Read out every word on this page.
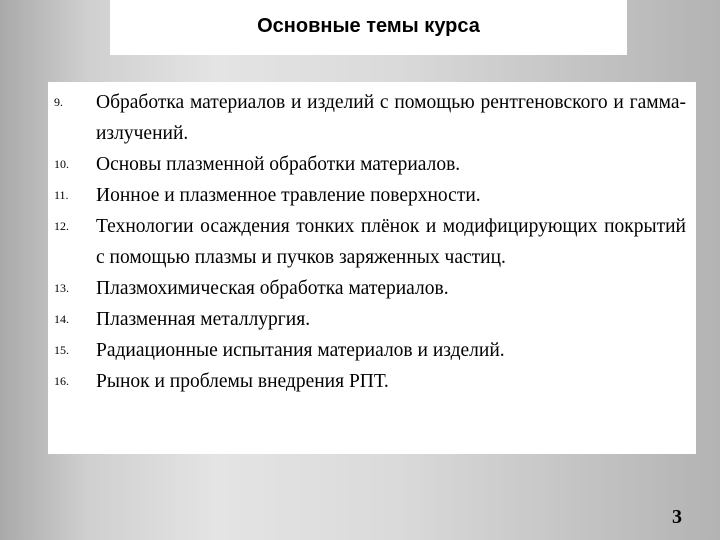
Основные темы курса
9. Обработка материалов и изделий с помощью рентгеновского и гамма- излучений.
10. Основы плазменной обработки материалов.
11. Ионное и плазменное травление поверхности.
12. Технологии осаждения тонких плёнок и модифицирующих покрытий с помощью плазмы и пучков заряженных частиц.
13. Плазмохимическая обработка материалов.
14. Плазменная металлургия.
15. Радиационные испытания материалов и изделий.
16. Рынок и проблемы внедрения РПТ.
3
